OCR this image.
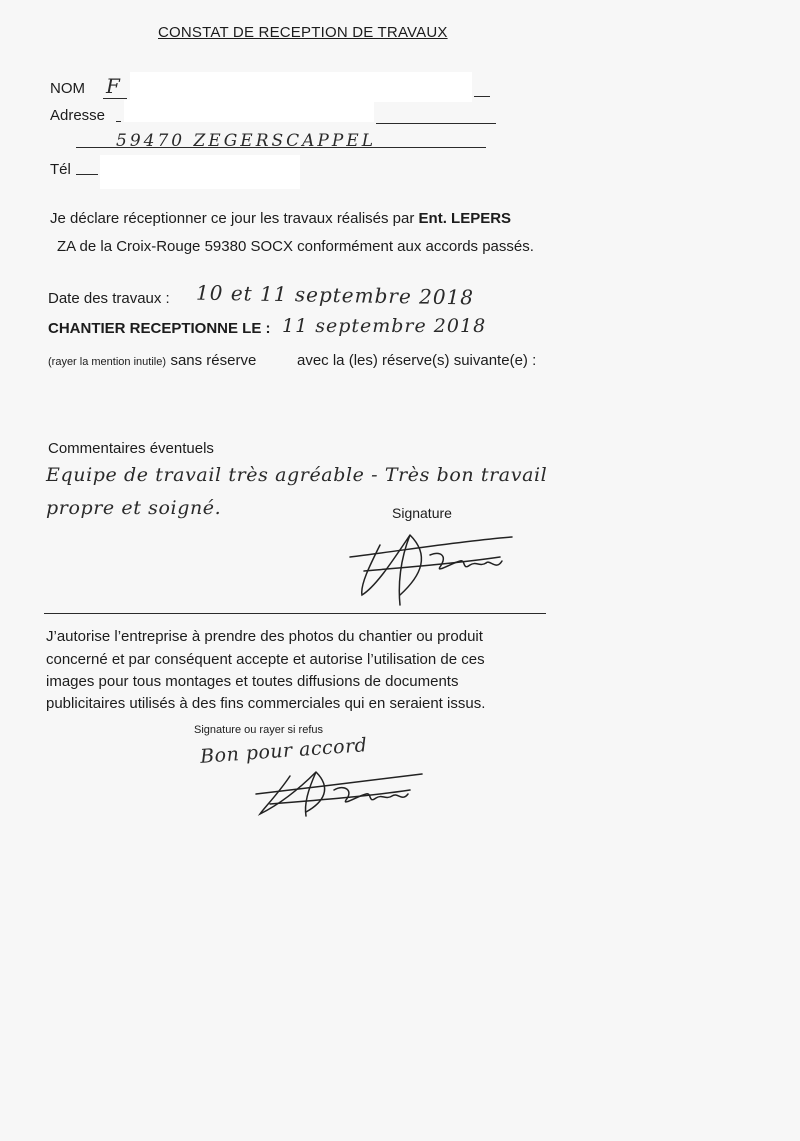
CONSTAT DE RECEPTION DE TRAVAUX
NOM F
Adresse
59470 ZEGERSCAPPEL
Tél
Je déclare réceptionner ce jour les travaux réalisés par Ent. LEPERS
ZA de la Croix-Rouge 59380 SOCX conformément aux accords passés.
Date des travaux : 10 et 11 septembre 2018
CHANTIER RECEPTIONNE LE : 11 septembre 2018
(rayer la mention inutile) sans réserve	avec la (les) réserve(s) suivante(e) :
Commentaires éventuels
Equipe de travail très agréable - Très bon travail
propre et soigné.	Signature
J’autorise l’entreprise à prendre des photos du chantier ou produit
concerné et par conséquent accepte et autorise l’utilisation de ces
images pour tous montages et toutes diffusions de documents
publicitaires utilisés à des fins commerciales qui en seraient issus.
Signature ou rayer si refus
Bon pour accord
